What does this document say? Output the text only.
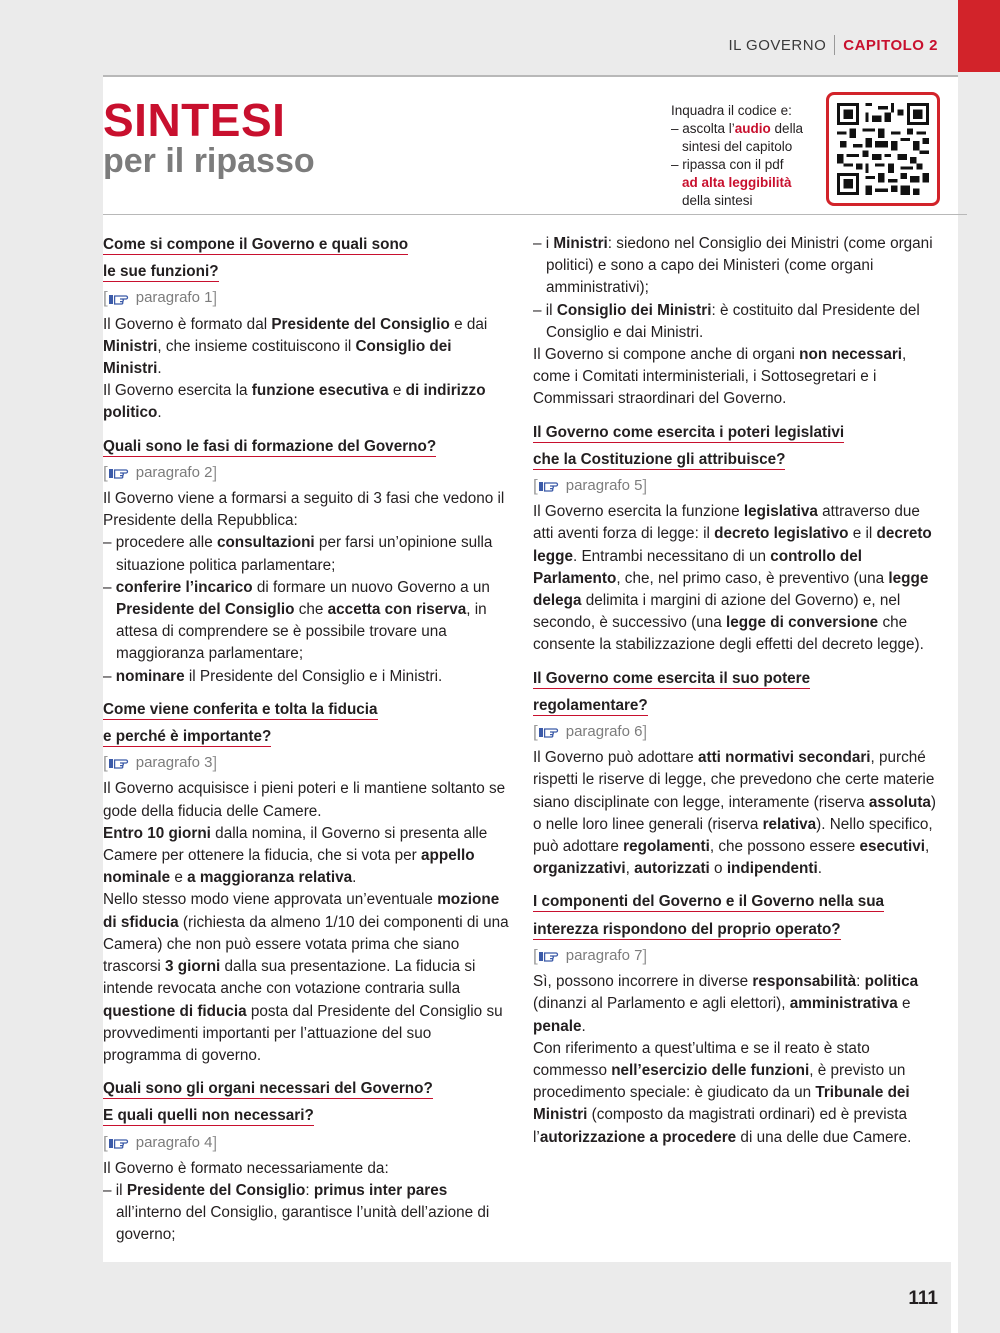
IL GOVERNO CAPITOLO 2
SINTESI
per il ripasso
Inquadra il codice e:
– ascolta l’audio della
sintesi del capitolo
– ripassa con il pdf
ad alta leggibilità
della sintesi
Come si compone il Governo e quali sono
le sue funzioni?
[ paragrafo 1 ]

Il Governo è formato dal Presidente del Consiglio e dai Ministri, che insieme costituiscono il Consiglio dei Ministri.

Il Governo esercita la funzione esecutiva e di indirizzo politico.

Quali sono le fasi di formazione del Governo?
[ paragrafo 2 ]

Il Governo viene a formarsi a seguito di 3 fasi che vedono il Presidente della Repubblica:

– procedere alle consultazioni per farsi un’opinione sulla situazione politica parlamentare;

– conferire l’incarico di formare un nuovo Governo a un Presidente del Consiglio che accetta con riserva, in attesa di comprendere se è possibile trovare una maggioranza parlamentare;

– nominare il Presidente del Consiglio e i Ministri.

Come viene conferita e tolta la fiducia
e perché è importante?
[ paragrafo 3 ]

Il Governo acquisisce i pieni poteri e li mantiene soltanto se gode della fiducia delle Camere.

Entro 10 giorni dalla nomina, il Governo si presenta alle Camere per ottenere la fiducia, che si vota per appello nominale e a maggioranza relativa.

Nello stesso modo viene approvata un’eventuale mozione di sfiducia (richiesta da almeno 1/10 dei componenti di una Camera) che non può essere votata prima che siano trascorsi 3 giorni dalla sua presentazione. La fiducia si intende revocata anche con votazione contraria sulla questione di fiducia posta dal Presidente del Consiglio su provvedimenti importanti per l’attuazione del suo programma di governo.

Quali sono gli organi necessari del Governo?
E quali quelli non necessari?
[ paragrafo 4 ]

Il Governo è formato necessariamente da:

– il Presidente del Consiglio: primus inter pares all’interno del Consiglio, garantisce l’unità dell’azione di governo;

– i Ministri: siedono nel Consiglio dei Ministri (come organi politici) e sono a capo dei Ministeri (come organi amministrativi);

– il Consiglio dei Ministri: è costituito dal Presidente del Consiglio e dai Ministri.

Il Governo si compone anche di organi non necessari, come i Comitati interministeriali, i Sottosegretari e i Commissari straordinari del Governo.

Il Governo come esercita i poteri legislativi
che la Costituzione gli attribuisce?
[ paragrafo 5 ]

Il Governo esercita la funzione legislativa attraverso due atti aventi forza di legge: il decreto legislativo e il decreto legge. Entrambi necessitano di un controllo del Parlamento, che, nel primo caso, è preventivo (una legge delega delimita i margini di azione del Governo) e, nel secondo, è successivo (una legge di conversione che consente la stabilizzazione degli effetti del decreto legge).

Il Governo come esercita il suo potere
regolamentare?
[ paragrafo 6 ]

Il Governo può adottare atti normativi secondari, purché rispetti le riserve di legge, che prevedono che certe materie siano disciplinate con legge, interamente (riserva assoluta) o nelle loro linee generali (riserva relativa). Nello specifico, può adottare regolamenti, che possono essere esecutivi, organizzativi, autorizzati o indipendenti.

I componenti del Governo e il Governo nella sua
interezza rispondono del proprio operato?
[ paragrafo 7 ]

Sì, possono incorrere in diverse responsabilità: politica (dinanzi al Parlamento e agli elettori), amministrativa e penale.

Con riferimento a quest’ultima e se il reato è stato commesso nell’esercizio delle funzioni, è previsto un procedimento speciale: è giudicato da un Tribunale dei Ministri (composto da magistrati ordinari) ed è prevista l’autorizzazione a procedere di una delle due Camere.

111
